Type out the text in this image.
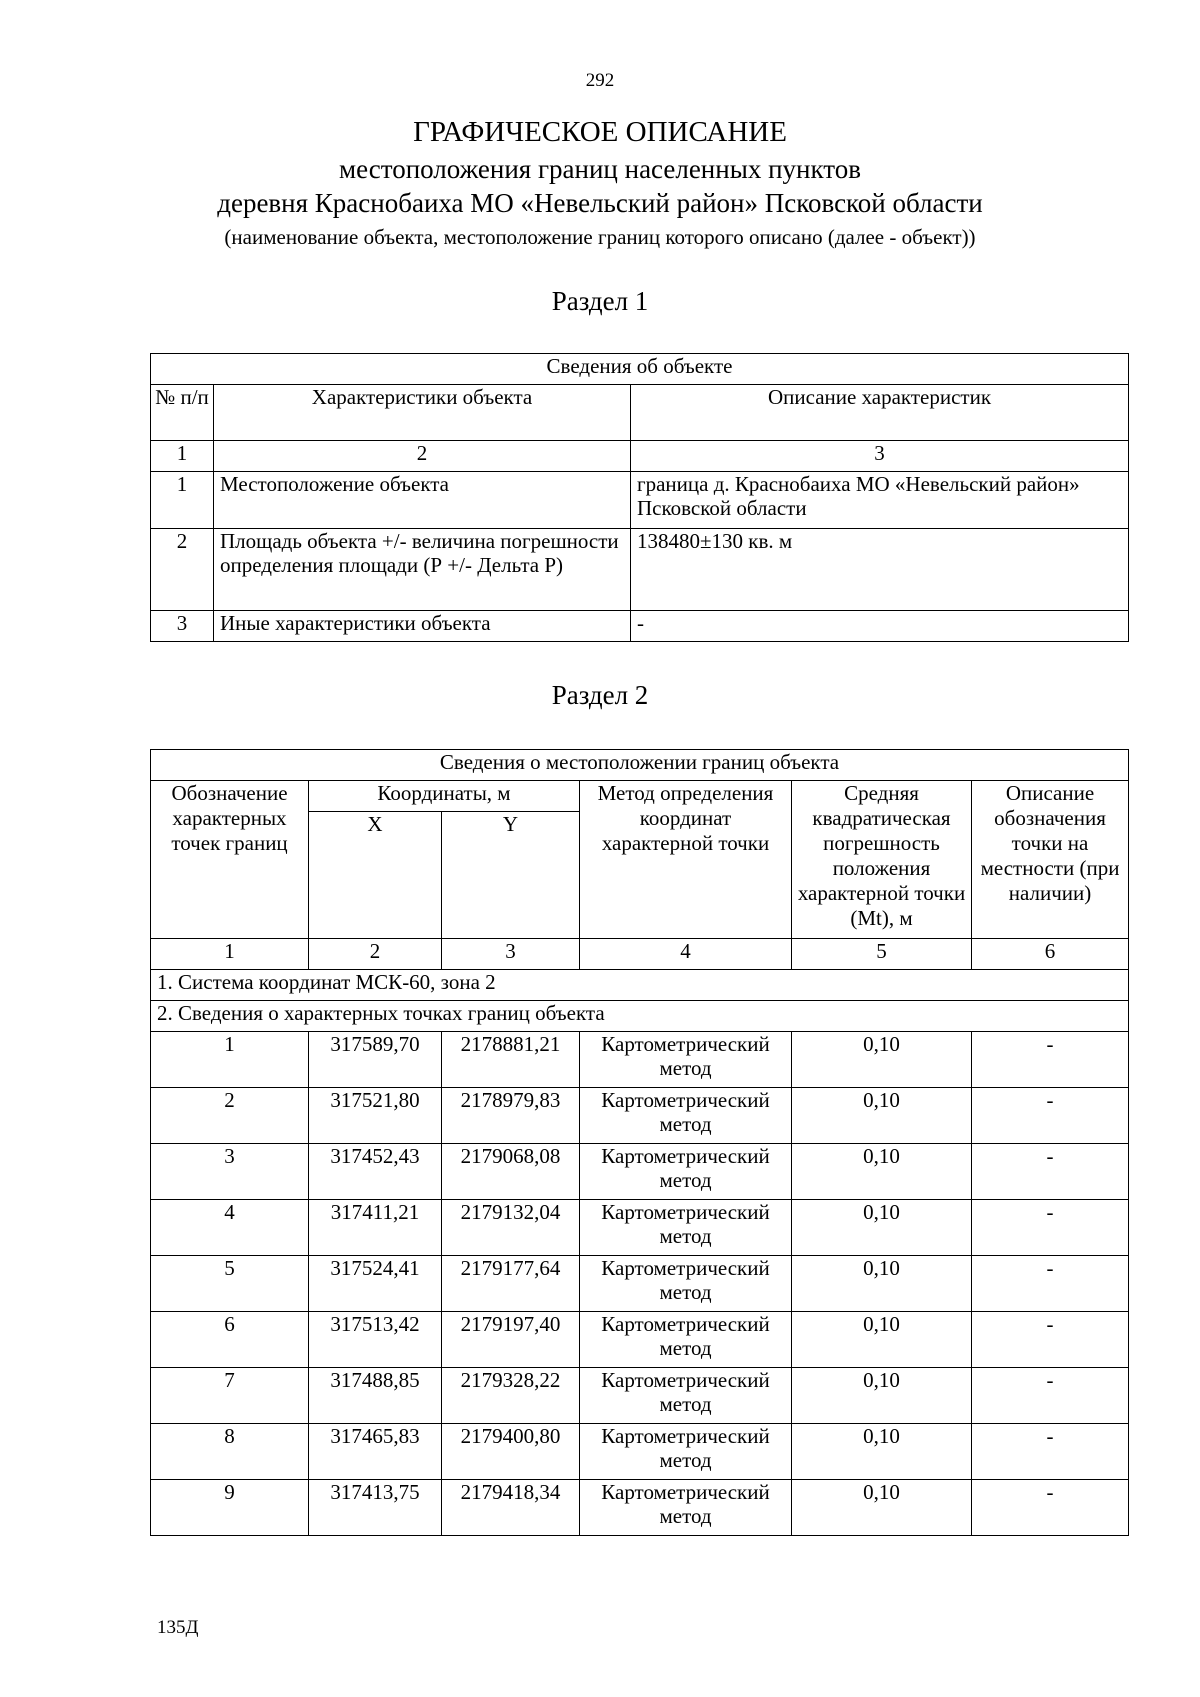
292
ГРАФИЧЕСКОЕ ОПИСАНИЕ
местоположения границ населенных пунктов
деревня Краснобаиха МО «Невельский район» Псковской области
(наименование объекта, местоположение границ которого описано (далее - объект))
Раздел 1
Сведения об объекте		
№ п/п	Характеристики объекта	Описание характеристик
1	2	3
1	Местоположение объекта	граница д. Краснобаиха МО «Невельский район» Псковской области
2	Площадь объекта +/- величина погрешности определения площади (Р +/- Дельта Р)	138480±130 кв. м
3	Иные характеристики объекта	-
Раздел 2
Сведения о местоположении границ объекта					
Обозначение характерных точек границ	Координаты, м		Метод определения координат характерной точки	Средняя квадратическая погрешность положения характерной точки (Mt), м	Описание обозначения точки на местности (при наличии)
	X	Y			
1	2	3	4	5	6
1. Система координат МСК-60, зона 2					
2. Сведения о характерных точках границ объекта					
1	317589,70	2178881,21	Картометрический метод	0,10	-
2	317521,80	2178979,83	Картометрический метод	0,10	-
3	317452,43	2179068,08	Картометрический метод	0,10	-
4	317411,21	2179132,04	Картометрический метод	0,10	-
5	317524,41	2179177,64	Картометрический метод	0,10	-
6	317513,42	2179197,40	Картометрический метод	0,10	-
7	317488,85	2179328,22	Картометрический метод	0,10	-
8	317465,83	2179400,80	Картометрический метод	0,10	-
9	317413,75	2179418,34	Картометрический метод	0,10	-
135Д
